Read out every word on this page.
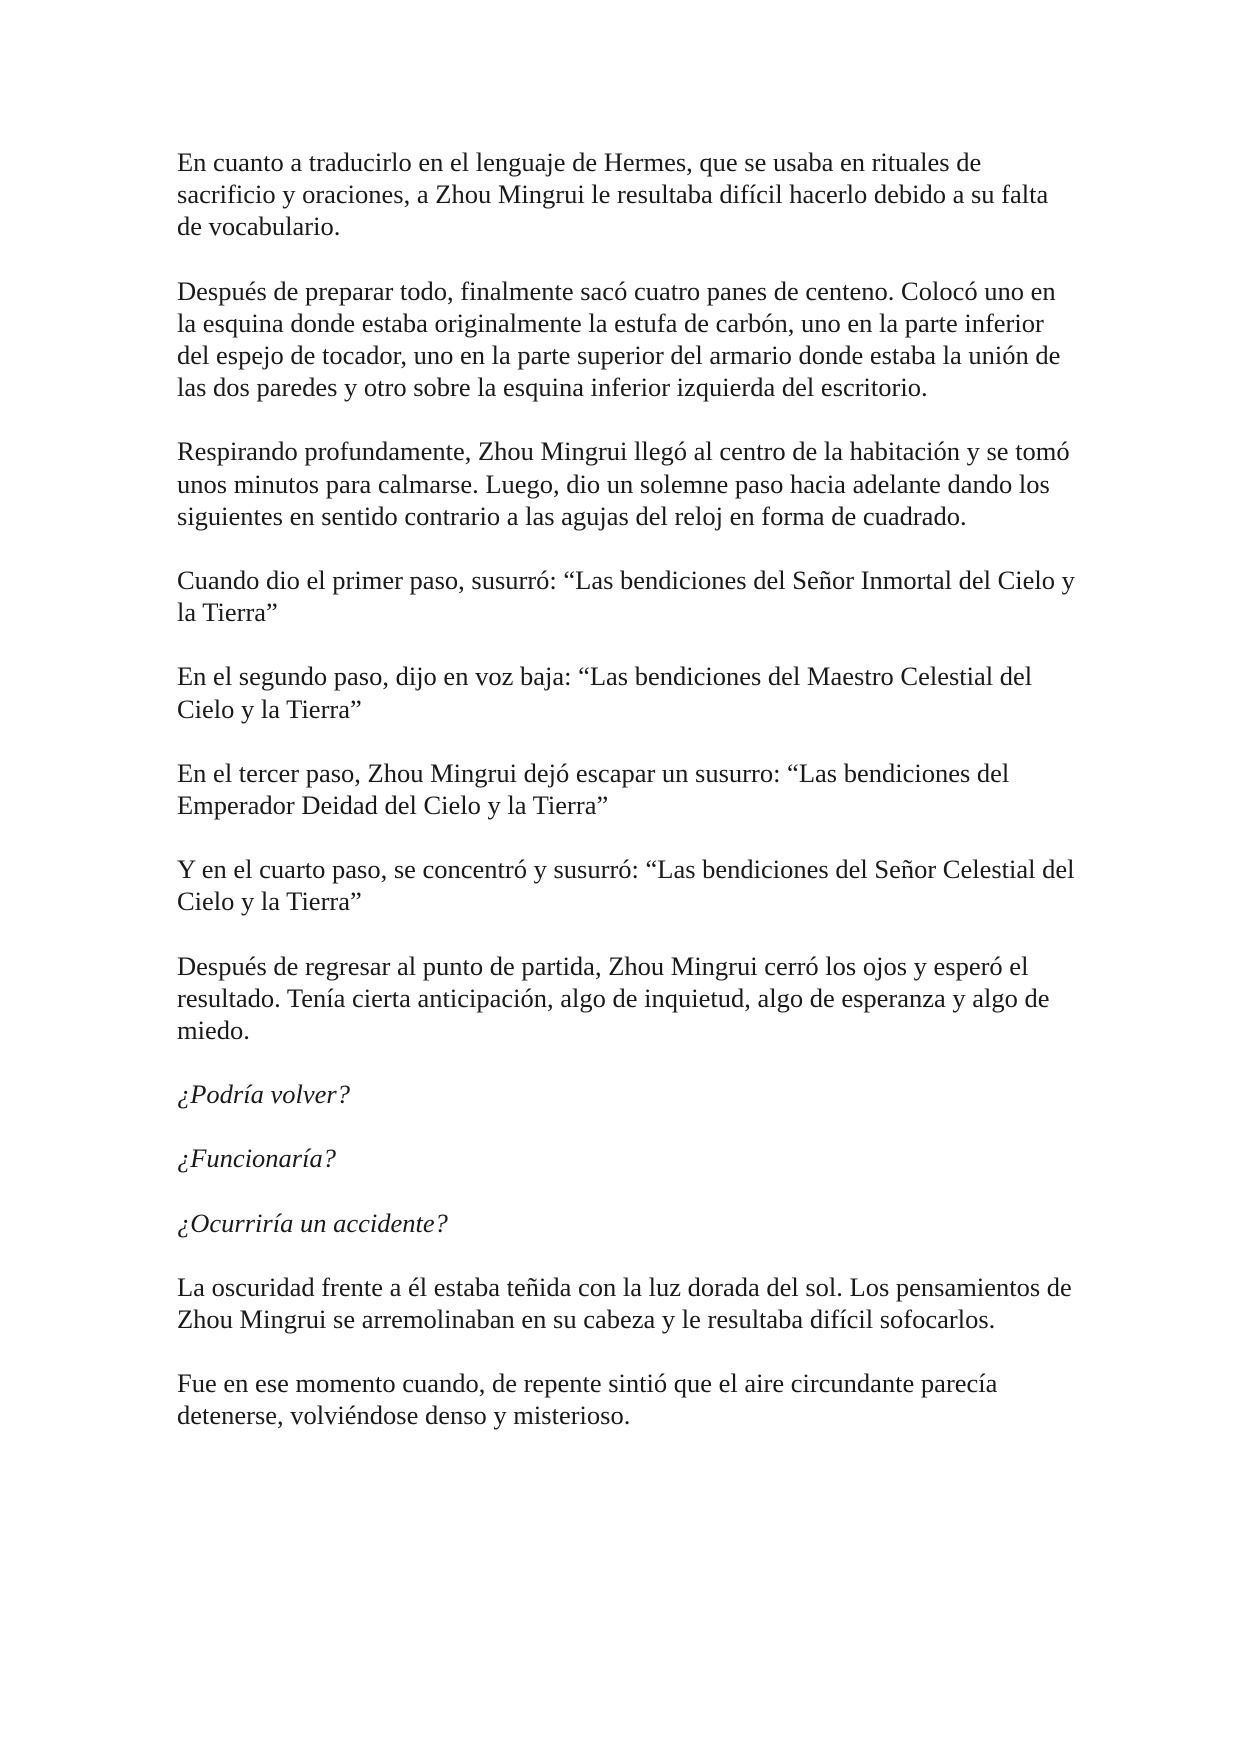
En cuanto a traducirlo en el lenguaje de Hermes, que se usaba en rituales de sacrificio y oraciones, a Zhou Mingrui le resultaba difícil hacerlo debido a su falta de vocabulario.

Después de preparar todo, finalmente sacó cuatro panes de centeno. Colocó uno en la esquina donde estaba originalmente la estufa de carbón, uno en la parte inferior del espejo de tocador, uno en la parte superior del armario donde estaba la unión de las dos paredes y otro sobre la esquina inferior izquierda del escritorio.

Respirando profundamente, Zhou Mingrui llegó al centro de la habitación y se tomó unos minutos para calmarse. Luego, dio un solemne paso hacia adelante dando los siguientes en sentido contrario a las agujas del reloj en forma de cuadrado.

Cuando dio el primer paso, susurró: “Las bendiciones del Señor Inmortal del Cielo y la Tierra”

En el segundo paso, dijo en voz baja: “Las bendiciones del Maestro Celestial del Cielo y la Tierra”

En el tercer paso, Zhou Mingrui dejó escapar un susurro: “Las bendiciones del Emperador Deidad del Cielo y la Tierra”

Y en el cuarto paso, se concentró y susurró: “Las bendiciones del Señor Celestial del Cielo y la Tierra”

Después de regresar al punto de partida, Zhou Mingrui cerró los ojos y esperó el resultado. Tenía cierta anticipación, algo de inquietud, algo de esperanza y algo de miedo.

¿Podría volver?

¿Funcionaría?

¿Ocurriría un accidente?

La oscuridad frente a él estaba teñida con la luz dorada del sol. Los pensamientos de Zhou Mingrui se arremolinaban en su cabeza y le resultaba difícil sofocarlos.

Fue en ese momento cuando, de repente sintió que el aire circundante parecía detenerse, volviéndose denso y misterioso.
